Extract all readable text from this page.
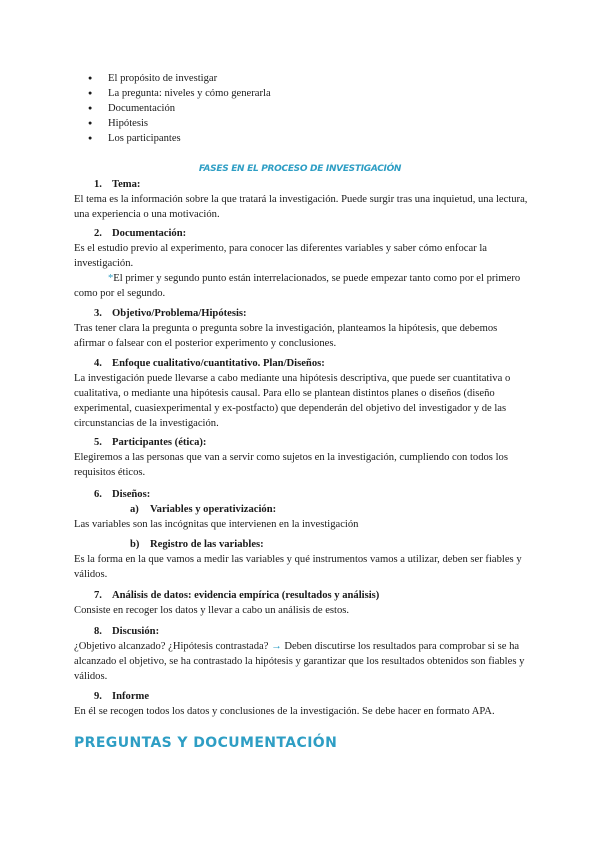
● El propósito de investigar
● La pregunta: niveles y cómo generarla
● Documentación
● Hipótesis
● Los participantes
FASES EN EL PROCESO DE INVESTIGACIÓN
1. Tema:
El tema es la información sobre la que tratará la investigación. Puede surgir tras una inquietud, una lectura, una experiencia o una motivación.
2. Documentación:
Es el estudio previo al experimento, para conocer las diferentes variables y saber cómo enfocar la investigación.
*El primer y segundo punto están interrelacionados, se puede empezar tanto como por el primero como por el segundo.
3. Objetivo/Problema/Hipótesis:
Tras tener clara la pregunta o pregunta sobre la investigación, planteamos la hipótesis, que debemos afirmar o falsear con el posterior experimento y conclusiones.
4. Enfoque cualitativo/cuantitativo. Plan/Diseños:
La investigación puede llevarse a cabo mediante una hipótesis descriptiva, que puede ser cuantitativa o cualitativa, o mediante una hipótesis causal. Para ello se plantean distintos planes o diseños (diseño experimental, cuasiexperimental y ex-postfacto) que dependerán del objetivo del investigador y de las circunstancias de la investigación.
5. Participantes (ética):
Elegiremos a las personas que van a servir como sujetos en la investigación, cumpliendo con todos los requisitos éticos.
6. Diseños:
a) Variables y operativización:
Las variables son las incógnitas que intervienen en la investigación
b) Registro de las variables:
Es la forma en la que vamos a medir las variables y qué instrumentos vamos a utilizar, deben ser fiables y válidos.
7. Análisis de datos: evidencia empírica (resultados y análisis)
Consiste en recoger los datos y llevar a cabo un análisis de estos.
8. Discusión:
¿Objetivo alcanzado? ¿Hipótesis contrastada? → Deben discutirse los resultados para comprobar si se ha alcanzado el objetivo, se ha contrastado la hipótesis y garantizar que los resultados obtenidos son fiables y válidos.
9. Informe
En él se recogen todos los datos y conclusiones de la investigación. Se debe hacer en formato APA.
PREGUNTAS Y DOCUMENTACIÓN
